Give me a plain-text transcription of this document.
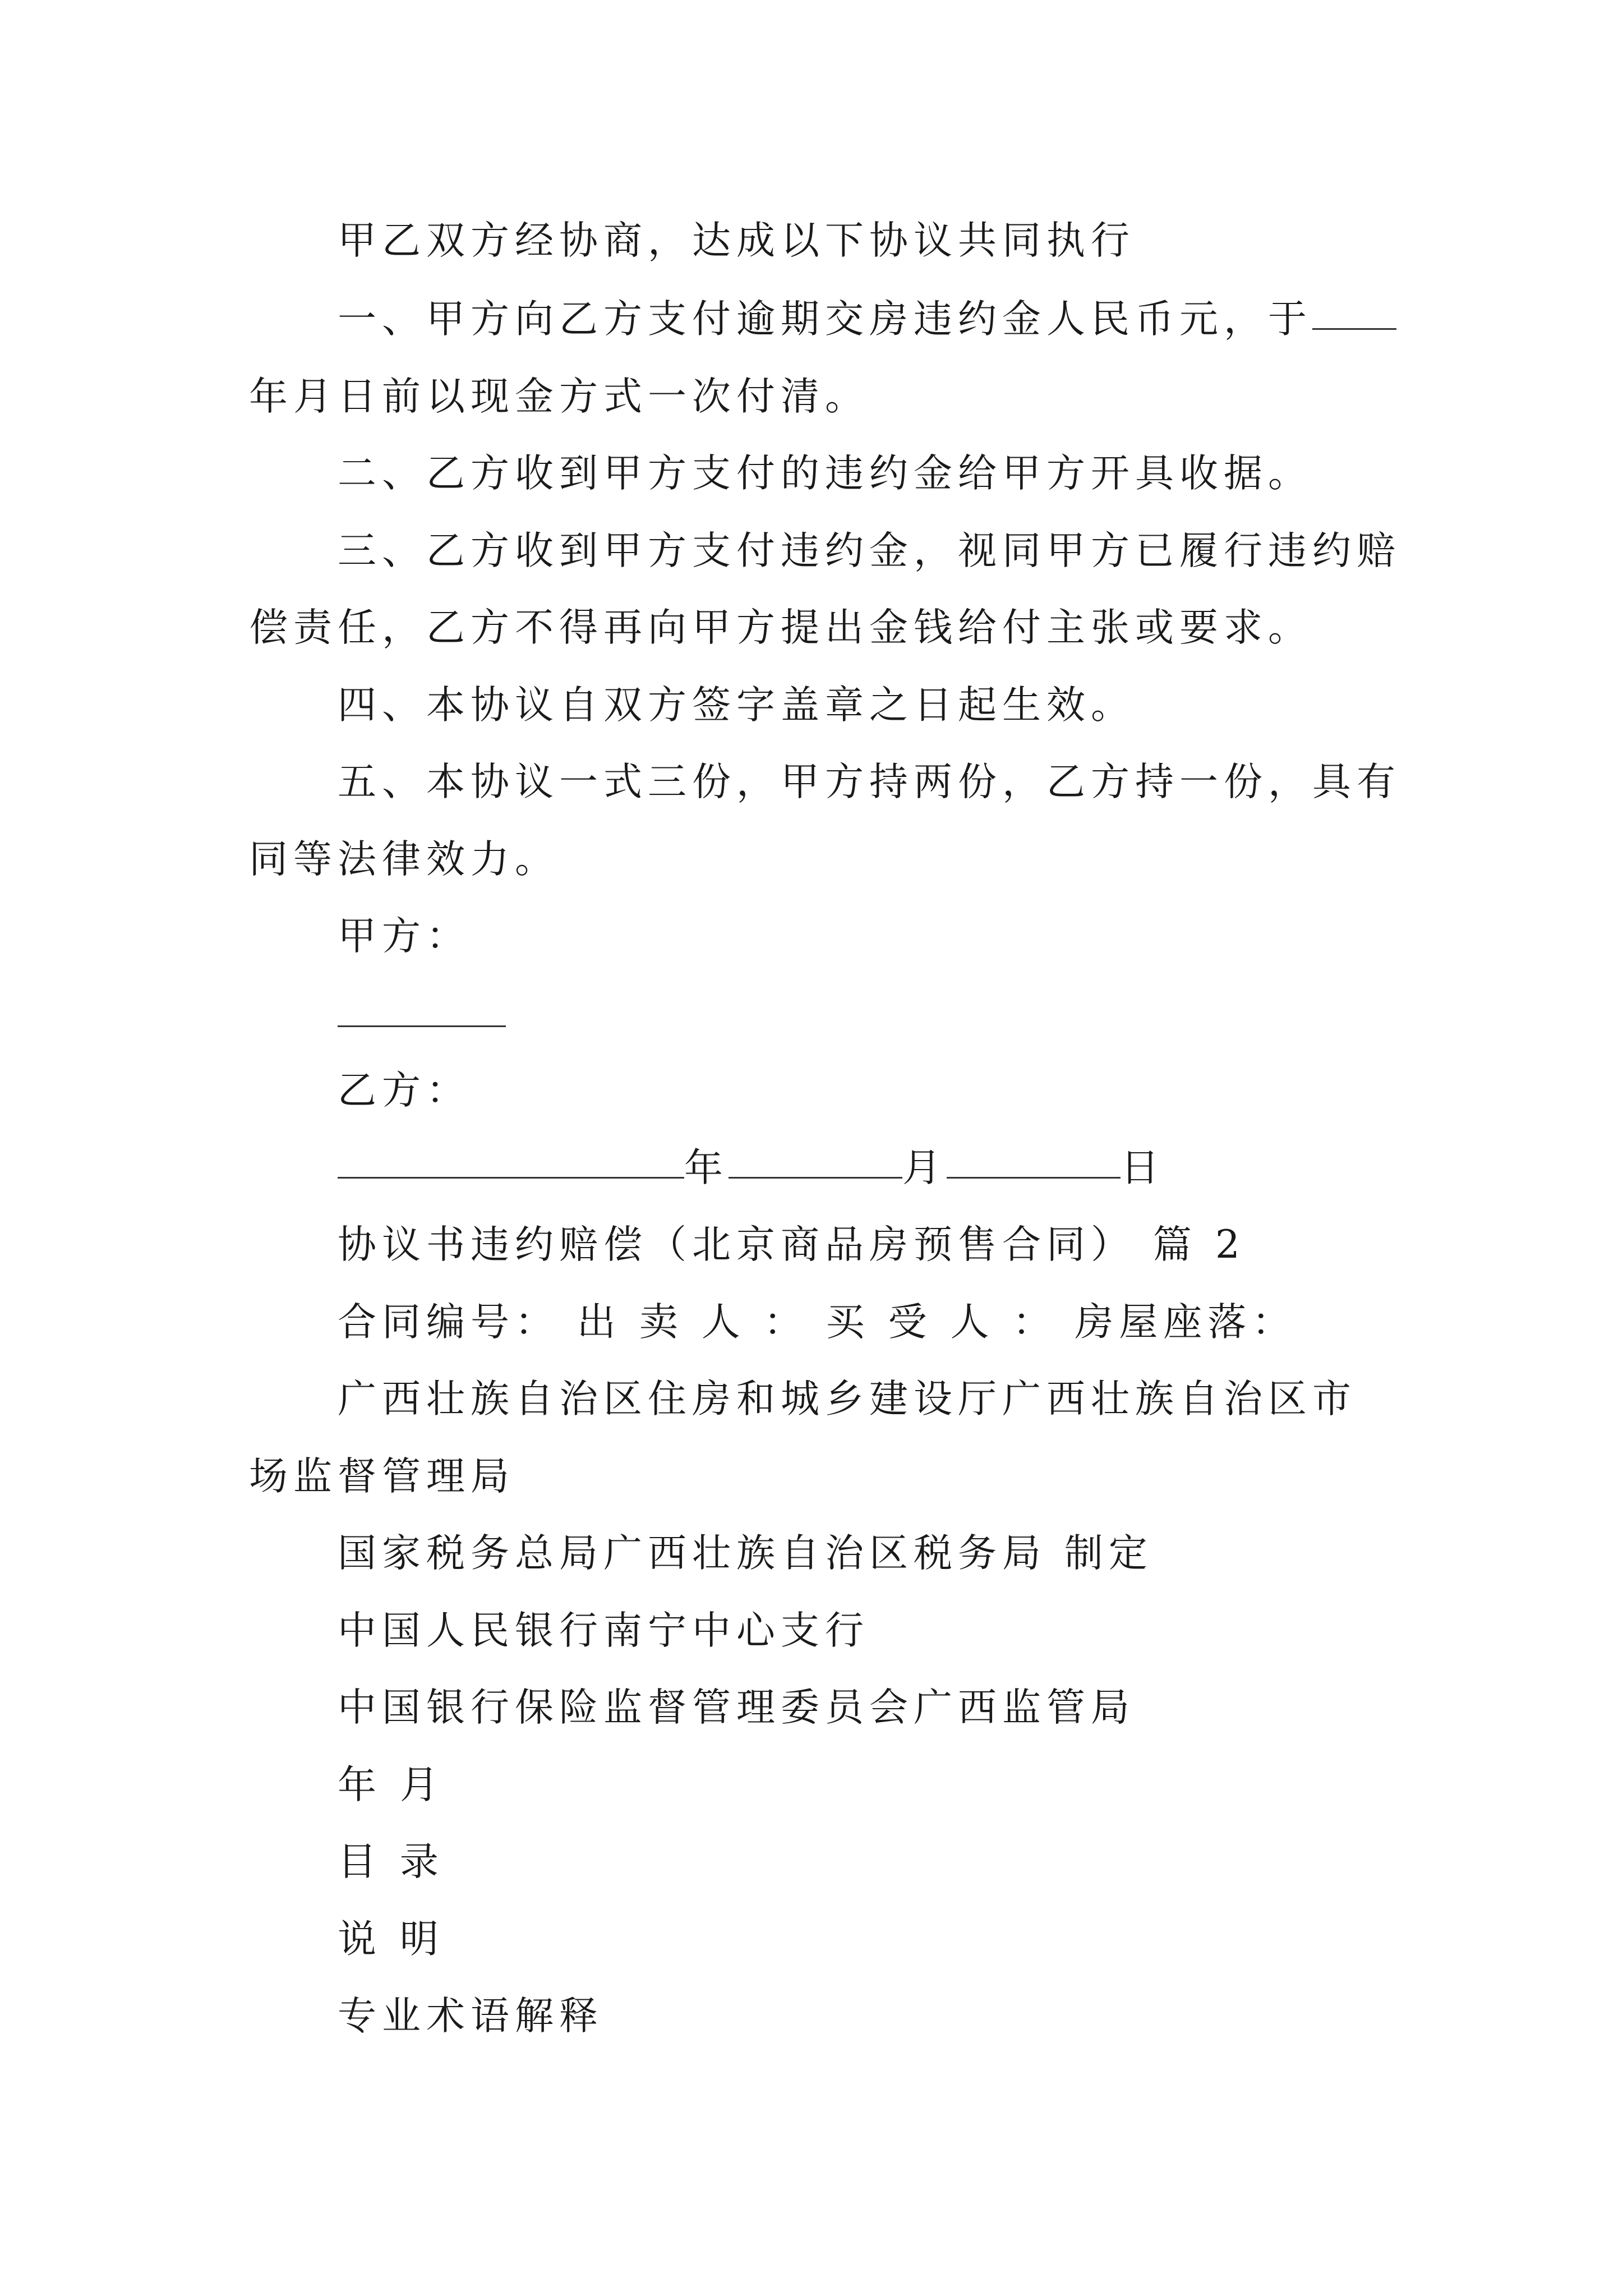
甲乙双方经协商，达成以下协议共同执行

一、甲方向乙方支付逾期交房违约金人民币元，于

年月日前以现金方式一次付清。

二、乙方收到甲方支付的违约金给甲方开具收据。

三、乙方收到甲方支付违约金，视同甲方已履行违约赔

偿责任，乙方不得再向甲方提出金钱给付主张或要求。

四、本协议自双方签字盖章之日起生效。

五、本协议一式三份，甲方持两份，乙方持一份，具有

同等法律效力。

甲方：

乙方：

年	月	日

协议书违约赔偿（北京商品房预售合同） 篇 2

合同编号： 出 卖 人 ： 买 受 人 ： 房屋座落：

广西壮族自治区住房和城乡建设厅广西壮族自治区市

场监督管理局

国家税务总局广西壮族自治区税务局 制定

中国人民银行南宁中心支行

中国银行保险监督管理委员会广西监管局

年 月

目 录

说 明

专业术语解释
